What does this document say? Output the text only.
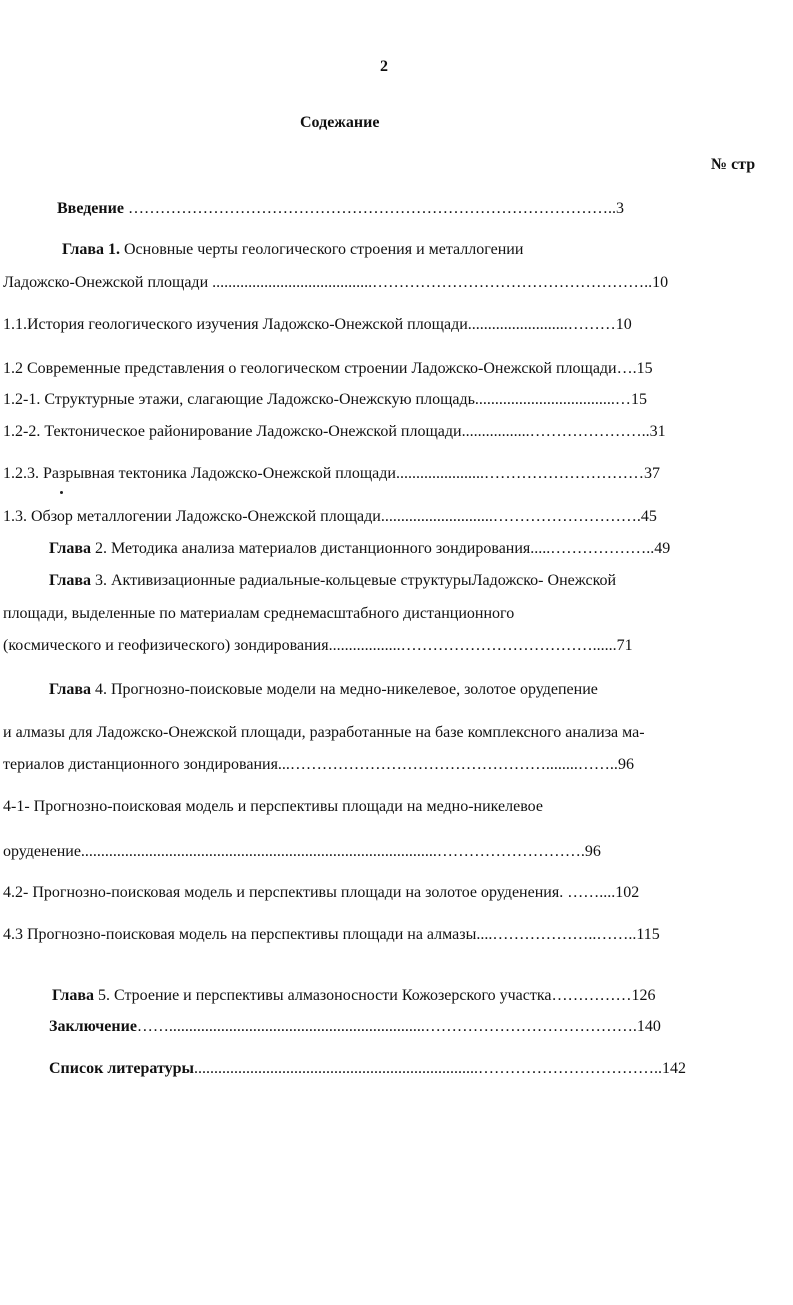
2
Содежание
№ стр
Введение ………………………………………………………………………………..3
Глава 1. Основные черты геологического строения и металлогении
Ладожско-Онежской площади ........................................……………………………………………..10
1.1.История геологического изучения Ладожско-Онежской площади.........................………10
1.2 Современные представления о геологическом строении Ладожско-Онежской площади….15
1.2-1. Структурные этажи, слагающие Ладожско-Онежскую площадь...................................…15
1.2-2. Тектоническое районирование Ладожско-Онежской площади.................…………………..31
1.2.3. Разрывная тектоника Ладожско-Онежской площади......................…………………………37
1.3. Обзор металлогении Ладожско-Онежской площади............................……………………….45
Глава 2. Методика анализа материалов дистанционного зондирования.....………………..49
Глава 3. Активизационные радиальные-кольцевые структурыЛадожско- Онежской
площади, выделенные по материалам среднемасштабного дистанционного
(космического и геофизического) зондирования..................………………………………......71
Глава 4. Прогнозно-поисковые модели на медно-никелевое, золотое орудепение
и алмазы для Ладожско-Онежской площади, разработанные на базе комплексного анализа ма-
териалов дистанционного зондирования...…………………………………………........……..96
4-1- Прогнозно-поисковая модель и перспективы площади на медно-никелевое
оруденение.........................................................................................……………………….96
4.2- Прогнозно-поисковая модель и перспективы площади на золотое оруденения. ……....102
4.3 Прогнозно-поисковая модель на перспективы площади на алмазы....………………..……..115
Глава 5. Строение и перспективы алмазоносности Кожозерского участка……………126
Заключение……................................................................………………………………….140
Список литературы.......................................................................……………………………..142
